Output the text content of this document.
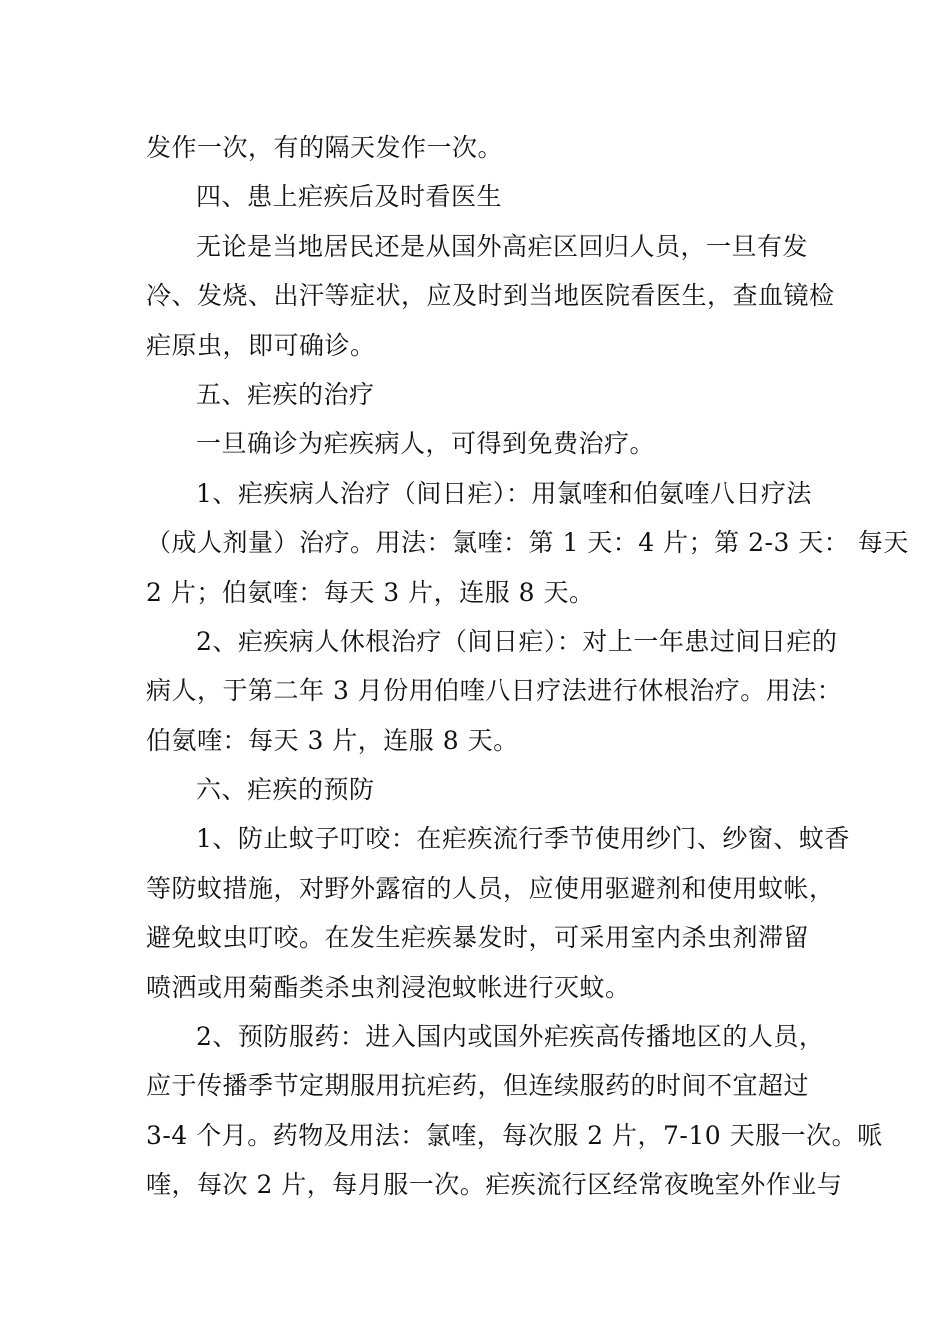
发作一次，有的隔天发作一次。
四、患上疟疾后及时看医生
无论是当地居民还是从国外高疟区回归人员，一旦有发
冷、发烧、出汗等症状，应及时到当地医院看医生，查血镜检
疟原虫，即可确诊。
五、疟疾的治疗
一旦确诊为疟疾病人，可得到免费治疗。
1、疟疾病人治疗（间日疟）：用氯喹和伯氨喹八日疗法
（成人剂量）治疗。用法：氯喹：第 1 天：4 片；第 2-3 天： 每天
2 片；伯氨喹：每天 3 片，连服 8 天。
2、疟疾病人休根治疗（间日疟）：对上一年患过间日疟的
病人，于第二年 3 月份用伯喹八日疗法进行休根治疗。用法：
伯氨喹：每天 3 片，连服 8 天。
六、疟疾的预防
1、防止蚊子叮咬：在疟疾流行季节使用纱门、纱窗、蚊香
等防蚊措施，对野外露宿的人员，应使用驱避剂和使用蚊帐，
避免蚊虫叮咬。在发生疟疾暴发时，可采用室内杀虫剂滞留
喷洒或用菊酯类杀虫剂浸泡蚊帐进行灭蚊。
2、预防服药：进入国内或国外疟疾高传播地区的人员，
应于传播季节定期服用抗疟药，但连续服药的时间不宜超过
3-4 个月。药物及用法：氯喹，每次服 2 片，7-10 天服一次。哌
喹，每次 2 片，每月服一次。疟疾流行区经常夜晚室外作业与
